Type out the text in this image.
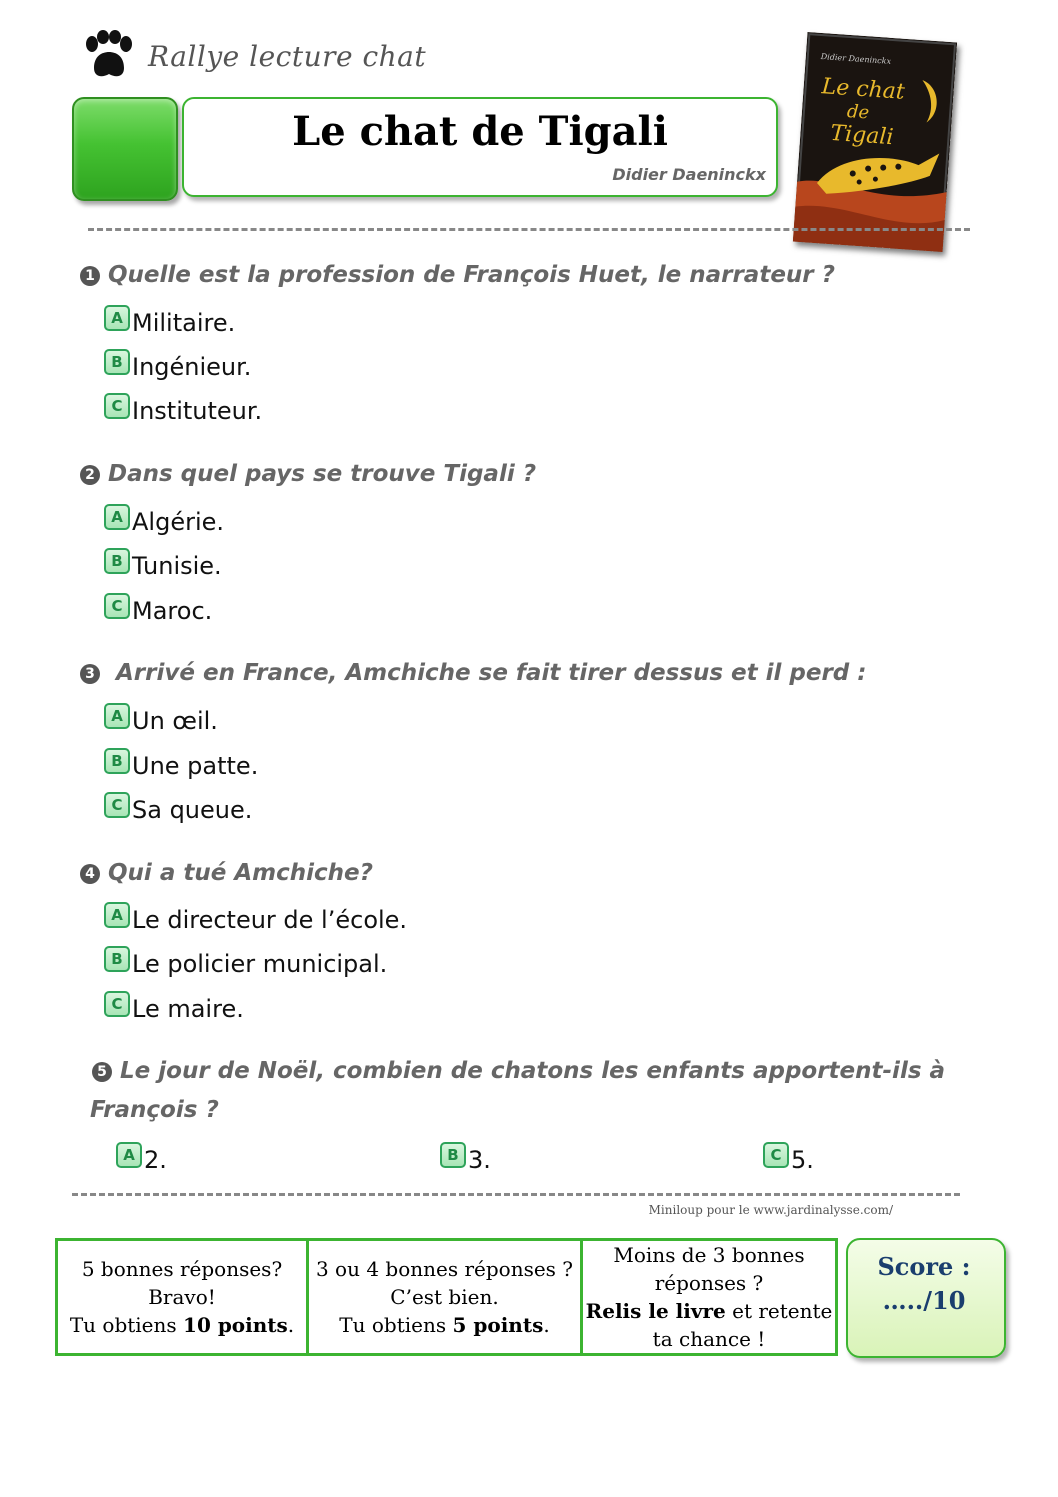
Rallye lecture chat
Le chat de Tigali
Didier Daeninckx
Didier Daeninckx
Le chat
de
Tigali
1 Quelle est la profession de François Huet, le narrateur ?
A Militaire.
B Ingénieur.
C Instituteur.
2 Dans quel pays se trouve Tigali ?
A Algérie.
B Tunisie.
C Maroc.
3 Arrivé en France, Amchiche se fait tirer dessus et il perd :
A Un œil.
B Une patte.
C Sa queue.
4 Qui a tué Amchiche?
A Le directeur de l’école.
B Le policier municipal.
C Le maire.
5 Le jour de Noël, combien de chatons les enfants apportent-ils à
François ?
A 2.	B 3.	C 5.
Miniloup pour le www.jardinalysse.com/
5 bonnes réponses?
Bravo!
Tu obtiens 10 points.
3 ou 4 bonnes réponses ?
C’est bien.
Tu obtiens 5 points.
Moins de 3 bonnes
réponses ?
Relis le livre et retente
ta chance !
Score :
…../10
